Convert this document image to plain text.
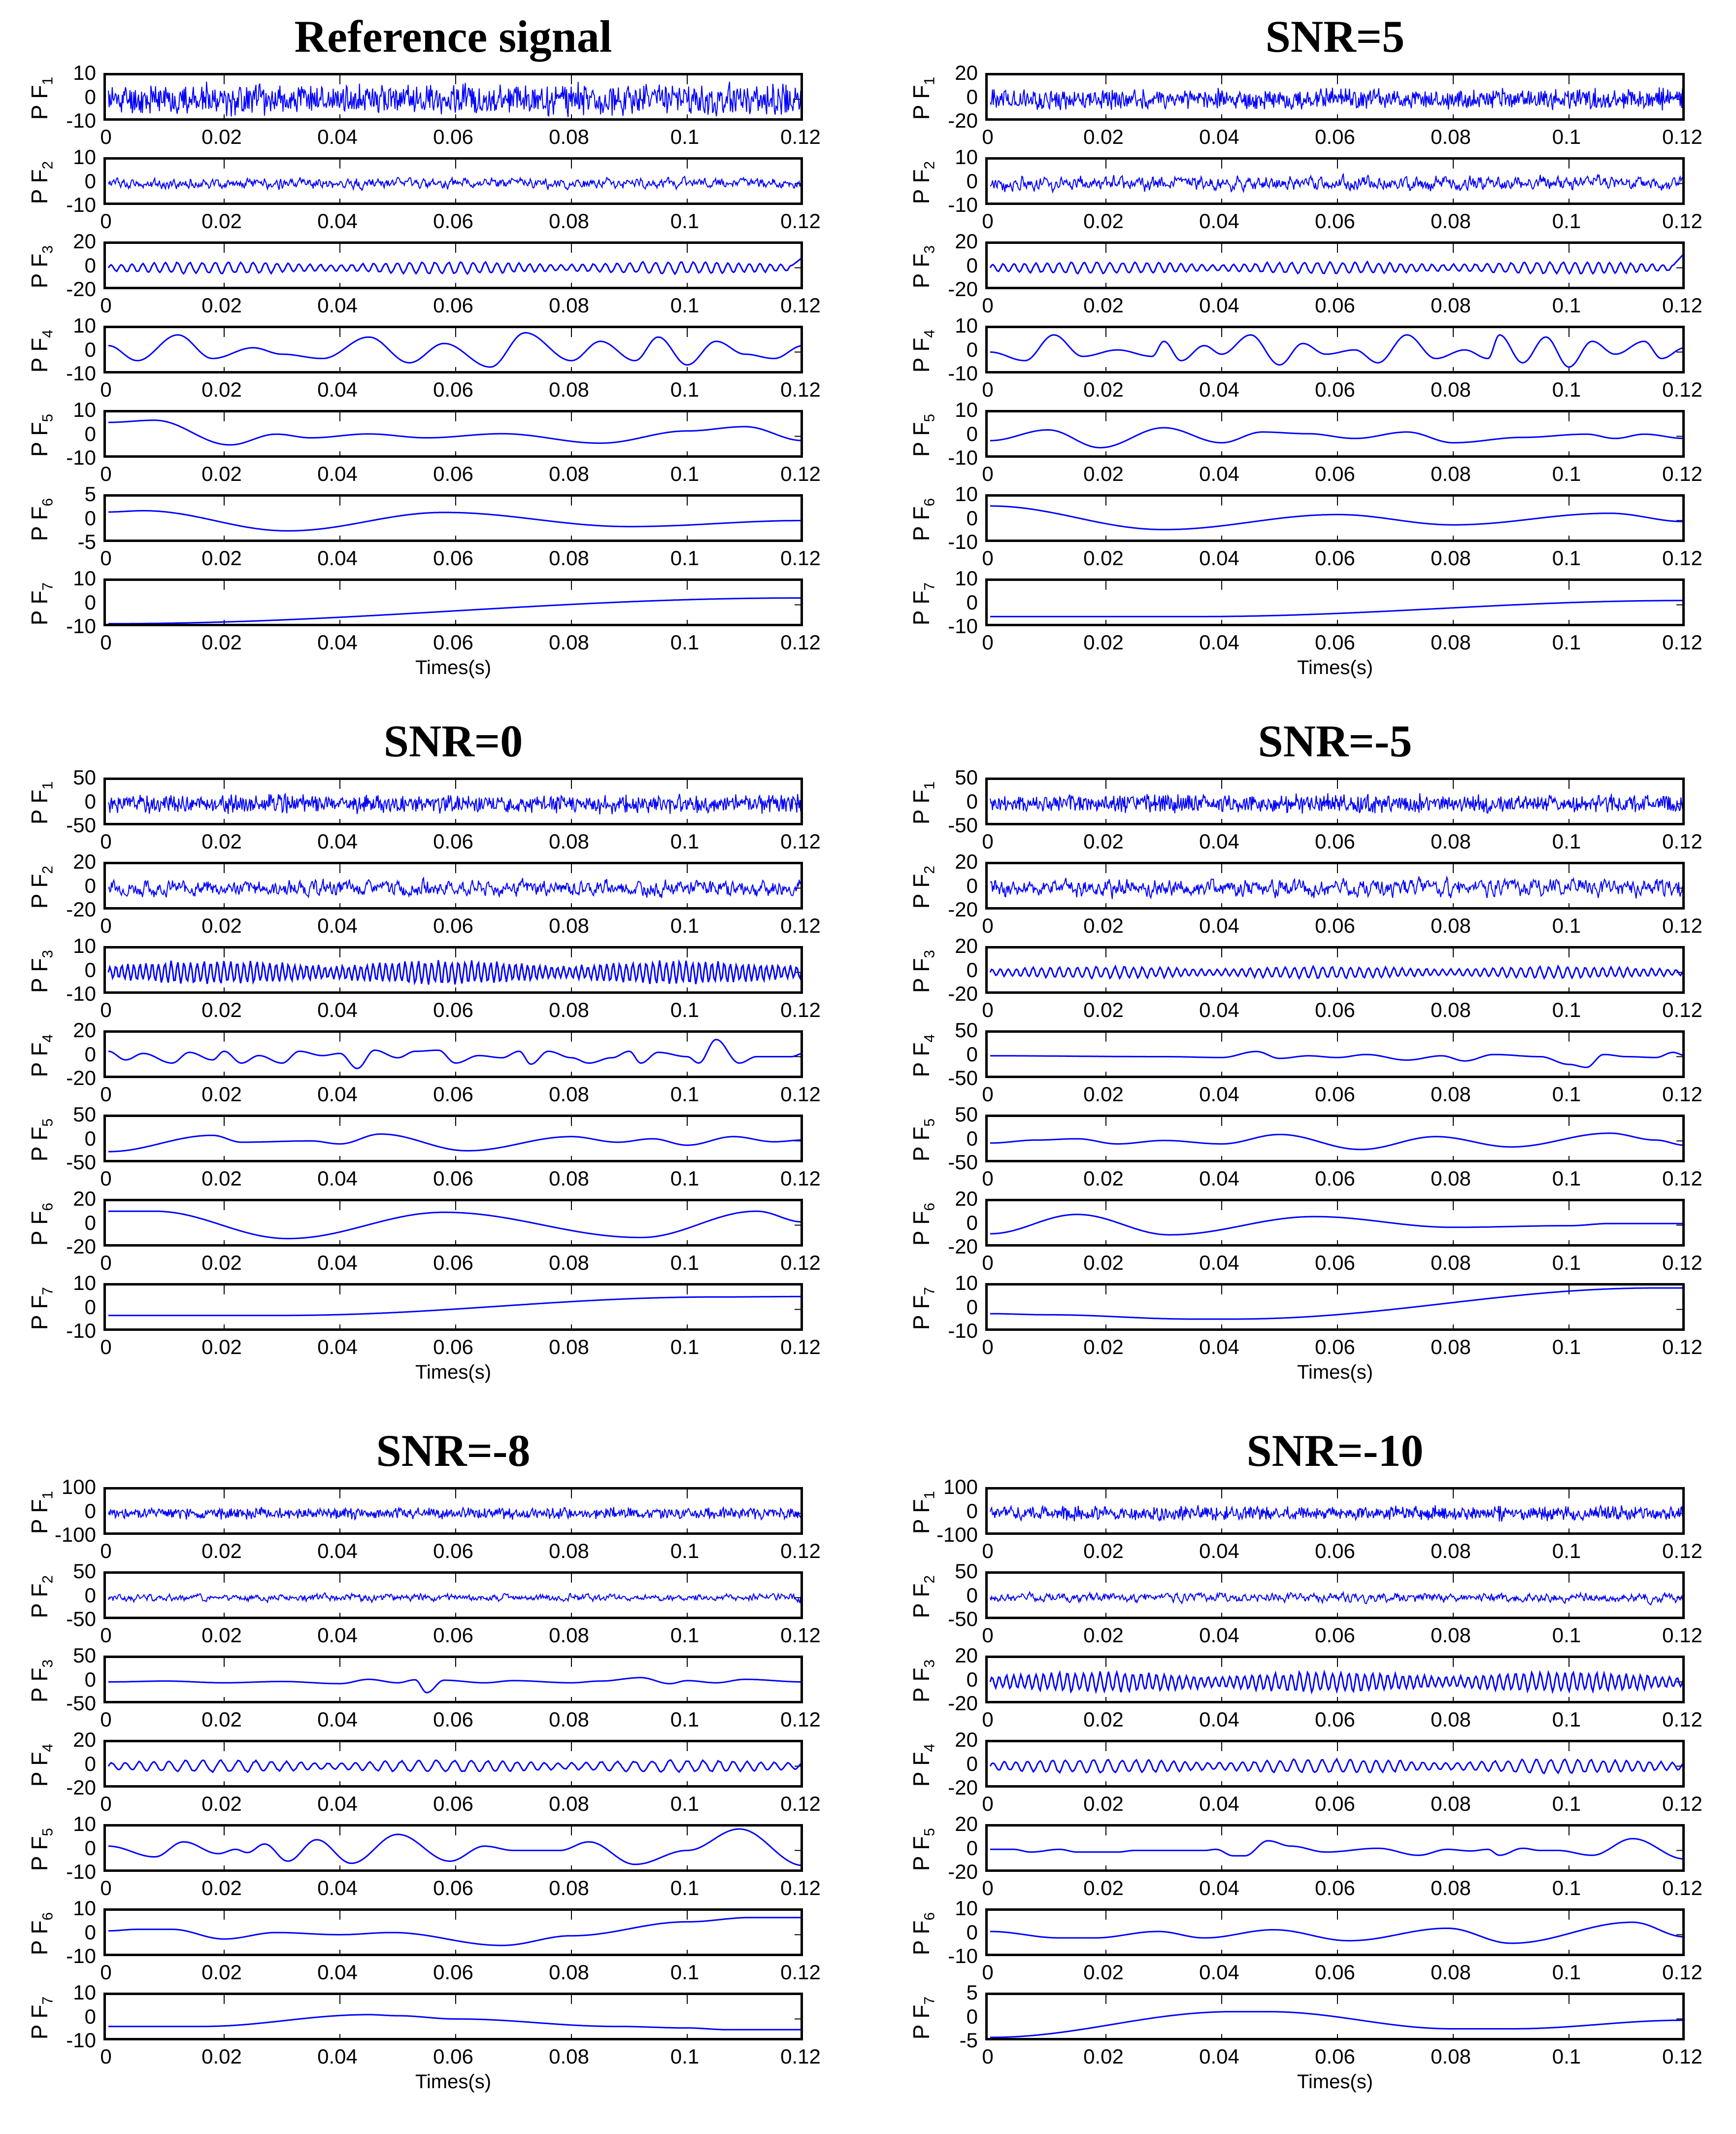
Reference signal
P $F_1$ 10
0
-10
0	0.02	0.04	0.06	0.08	0.1	0.12
P $F_2$ 10
0
-10
0	0.02	0.04	0.06	0.08	0.1	0.12
P $F_3$ 20
0
-20
0	0.02	0.04	0.06	0.08	0.1	0.12
P $F_4$ 10
0
-10
0	0.02	0.04	0.06	0.08	0.1	0.12
P $F_5$ 10
0
-10
0	0.02	0.04	0.06	0.08	0.1	0.12
P $F_6$	5
0
-5
0	0.02	0.04	0.06	0.08	0.1	0.12
P $F_7$ 10
0
-10
0	0.02	0.04	0.06	0.08	0.1	0.12
Times(s)
SNR=5
P $F_1$ 20
0
-20
0	0.02	0.04	0.06	0.08	0.1	0.12
P $F_2$ 10
0
-10
0	0.02	0.04	0.06	0.08	0.1	0.12
P $F_3$ 20
0
-20
0	0.02	0.04	0.06	0.08	0.1	0.12
P $F_4$ 10
0
-10
0	0.02	0.04	0.06	0.08	0.1	0.12
P $F_5$ 10
0
-10
0	0.02	0.04	0.06	0.08	0.1	0.12
P $F_6$ 10
0
-10
0	0.02	0.04	0.06	0.08	0.1	0.12
P $F_7$ 10
0
-10
0	0.02	0.04	0.06	0.08	0.1	0.12
Times(s)
SNR=0
P $F_1$ 50
0
-50
0	0.02	0.04	0.06	0.08	0.1	0.12
P $F_2$ 20
0
-20
0	0.02	0.04	0.06	0.08	0.1	0.12
P $F_3$ 10
0
-10
0	0.02	0.04	0.06	0.08	0.1	0.12
P $F_4$ 20
0
-20
0	0.02	0.04	0.06	0.08	0.1	0.12
P $F_5$ 50
0
-50
0	0.02	0.04	0.06	0.08	0.1	0.12
P $F_6$ 20
0
-20
0	0.02	0.04	0.06	0.08	0.1	0.12
P $F_7$ 10
0
-10
0	0.02	0.04	0.06	0.08	0.1	0.12
Times(s)
SNR=-5
P $F_1$ 50
0
-50
0	0.02	0.04	0.06	0.08	0.1	0.12
P $F_2$ 20
0
-20
0	0.02	0.04	0.06	0.08	0.1	0.12
P $F_3$ 20
0
-20
0	0.02	0.04	0.06	0.08	0.1	0.12
P $F_4$ 50
0
-50
0	0.02	0.04	0.06	0.08	0.1	0.12
P $F_5$ 50
0
-50
0	0.02	0.04	0.06	0.08	0.1	0.12
P $F_6$ 20
0
-20
0	0.02	0.04	0.06	0.08	0.1	0.12
P $F_7$ 10
0
-10
0	0.02	0.04	0.06	0.08	0.1	0.12
Times(s)
SNR=-8
P $F_1$ 100
0
-100
0	0.02	0.04	0.06	0.08	0.1	0.12
P $F_2$ 50
0
-50
0	0.02	0.04	0.06	0.08	0.1	0.12
P $F_3$ 50
0
-50
0	0.02	0.04	0.06	0.08	0.1	0.12
P $F_4$ 20
0
-20
0	0.02	0.04	0.06	0.08	0.1	0.12
P $F_5$ 10
0
-10
0	0.02	0.04	0.06	0.08	0.1	0.12
P $F_6$ 10
0
-10
0	0.02	0.04	0.06	0.08	0.1	0.12
P $F_7$ 10
0
-10
0	0.02	0.04	0.06	0.08	0.1	0.12
Times(s)
SNR=-10
P $F_1$ 100
0
-100
0	0.02	0.04	0.06	0.08	0.1	0.12
P $F_2$ 50
0
-50
0	0.02	0.04	0.06	0.08	0.1	0.12
P $F_3$ 20
0
-20
0	0.02	0.04	0.06	0.08	0.1	0.12
P $F_4$ 20
0
-20
0	0.02	0.04	0.06	0.08	0.1	0.12
P $F_5$ 20
0
-20
0	0.02	0.04	0.06	0.08	0.1	0.12
P $F_6$ 10
0
-10
0	0.02	0.04	0.06	0.08	0.1	0.12
P $F_7$	5
0
-5
0	0.02	0.04	0.06	0.08	0.1	0.12
Times(s)
